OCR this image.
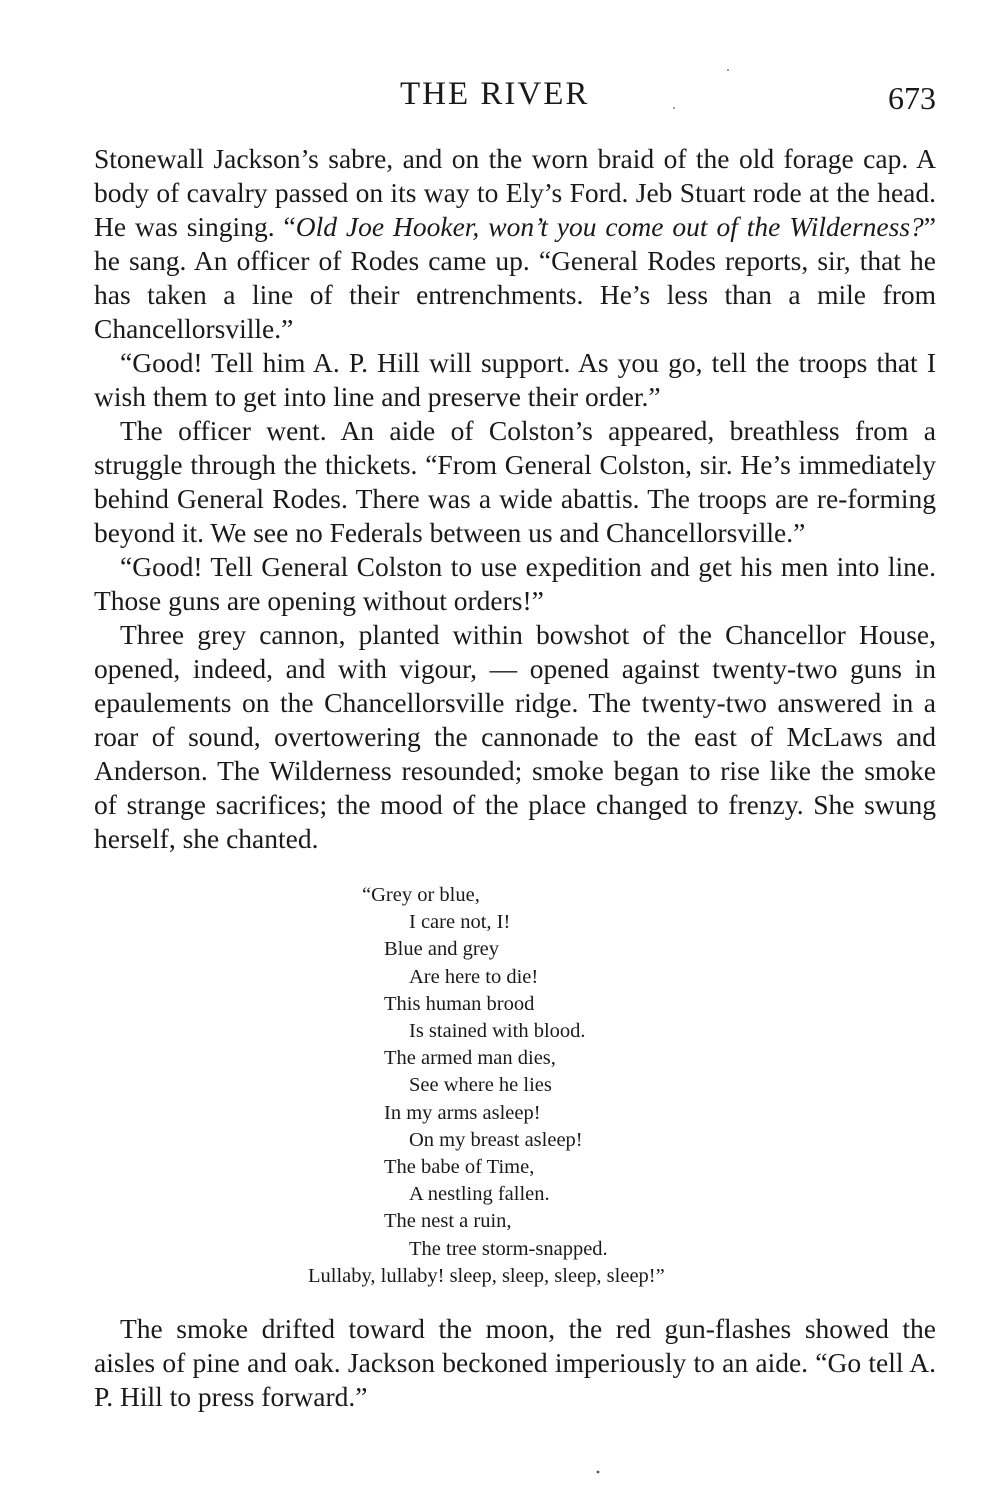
THE RIVER	673

Stonewall Jackson’s sabre, and on the worn braid of the old forage cap. A body of cavalry passed on its way to Ely’s Ford. Jeb Stuart rode at the head. He was singing. “Old Joe Hooker, won’t you come out of the Wilderness?” he sang. An officer of Rodes came up. “General Rodes reports, sir, that he has taken a line of their entrenchments. He’s less than a mile from Chancellorsville.”

“Good! Tell him A. P. Hill will support. As you go, tell the troops that I wish them to get into line and preserve their order.”

The officer went. An aide of Colston’s appeared, breathless from a struggle through the thickets. “From General Colston, sir. He’s immediately behind General Rodes. There was a wide abattis. The troops are re-forming beyond it. We see no Federals between us and Chancellorsville.”

“Good! Tell General Colston to use expedition and get his men into line. Those guns are opening without orders!”

Three grey cannon, planted within bowshot of the Chancellor House, opened, indeed, and with vigour, — opened against twenty-two guns in epaulements on the Chancellorsville ridge. The twenty-two answered in a roar of sound, overtowering the cannonade to the east of McLaws and Anderson. The Wilderness resounded; smoke began to rise like the smoke of strange sacrifices; the mood of the place changed to frenzy. She swung herself, she chanted.

“Grey or blue,
I care not, I!
Blue and grey
Are here to die!
This human brood
Is stained with blood.
The armed man dies,
See where he lies
In my arms asleep!
On my breast asleep!
The babe of Time,
A nestling fallen.
The nest a ruin,
The tree storm-snapped.
Lullaby, lullaby! sleep, sleep, sleep, sleep!”

The smoke drifted toward the moon, the red gun-flashes showed the aisles of pine and oak. Jackson beckoned imperiously to an aide. “Go tell A. P. Hill to press forward.”
